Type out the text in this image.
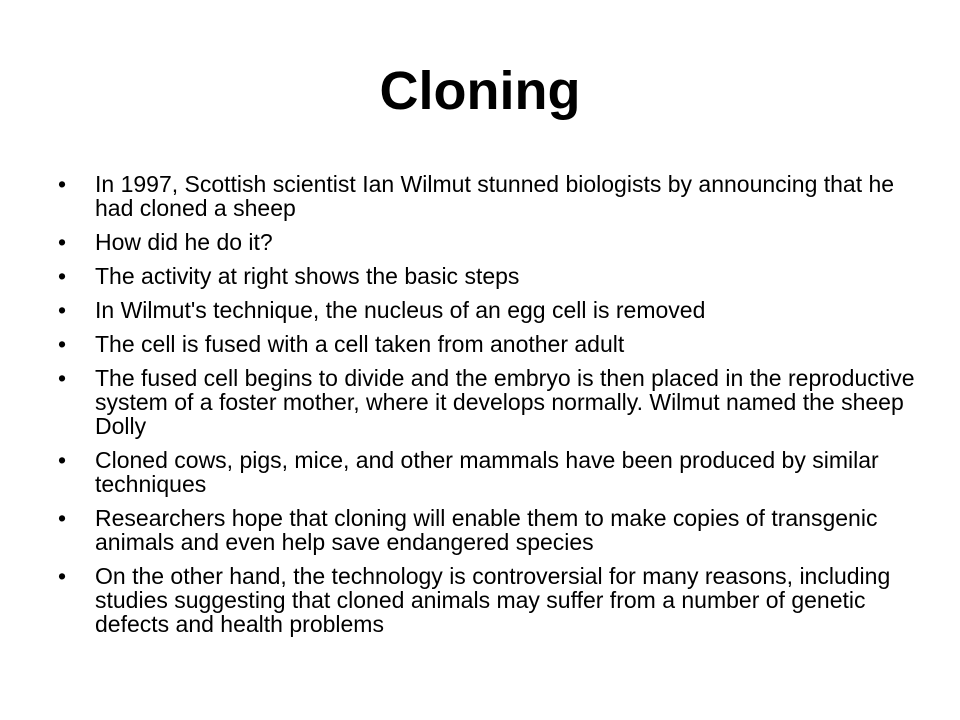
Cloning
•	In 1997, Scottish scientist Ian Wilmut stunned biologists by announcing that he had cloned a sheep
•	How did he do it?
•	The activity at right shows the basic steps
•	In Wilmut's technique, the nucleus of an egg cell is removed
•	The cell is fused with a cell taken from another adult
•	The fused cell begins to divide and the embryo is then placed in the reproductive system of a foster mother, where it develops normally. Wilmut named the sheep Dolly
•	Cloned cows, pigs, mice, and other mammals have been produced by similar techniques
•	Researchers hope that cloning will enable them to make copies of transgenic animals and even help save endangered species
•	On the other hand, the technology is controversial for many reasons, including studies suggesting that cloned animals may suffer from a number of genetic defects and health problems
